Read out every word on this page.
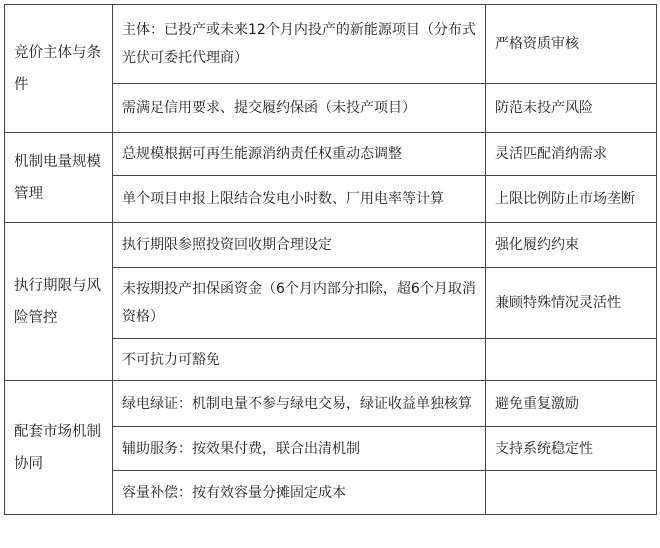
竞价主体与条件	主体：已投产或未来12个月内投产的新能源项目（分布式光伏可委托代理商）	严格资质审核
	需满足信用要求、提交履约保函（未投产项目）	防范未投产风险
机制电量规模管理	总规模根据可再生能源消纳责任权重动态调整	灵活匹配消纳需求
	单个项目申报上限结合发电小时数、厂用电率等计算	上限比例防止市场垄断
执行期限与风险管控	执行期限参照投资回收期合理设定	强化履约约束
	未按期投产扣保函资金（6个月内部分扣除，超6个月取消资格）	兼顾特殊情况灵活性
	不可抗力可豁免	
配套市场机制协同	绿电绿证：机制电量不参与绿电交易，绿证收益单独核算	避免重复激励
	辅助服务：按效果付费，联合出清机制	支持系统稳定性
	容量补偿：按有效容量分摊固定成本	
